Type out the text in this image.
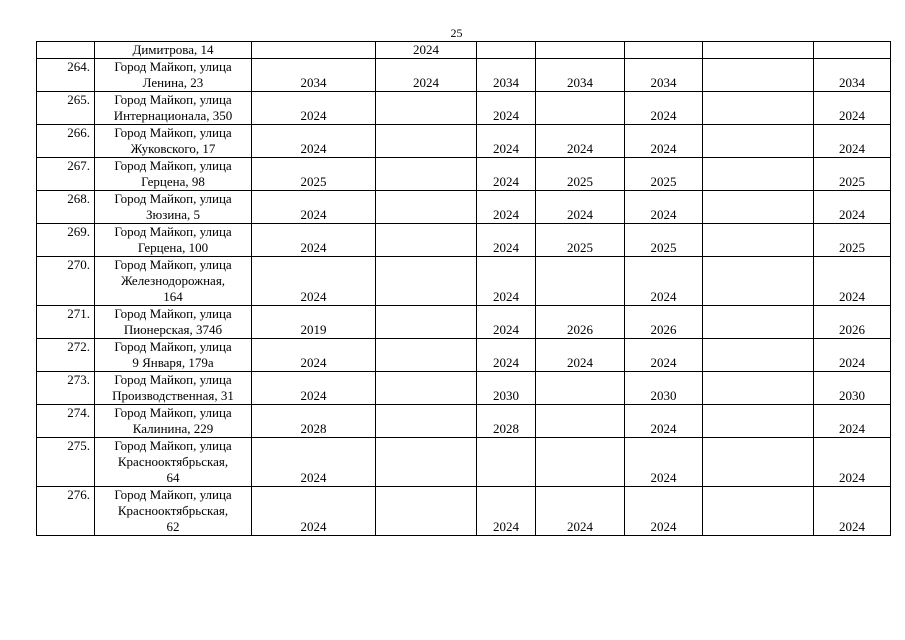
25

	Димитрова, 14		2024					
264.	Город Майкоп, улица
Ленина, 23	2034	2024	2034	2034	2034		2034
265.	Город Майкоп, улица
Интернационала, 350	2024		2024		2024		2024
266.	Город Майкоп, улица
Жуковского, 17	2024		2024	2024	2024		2024
267.	Город Майкоп, улица
Герцена, 98	2025		2024	2025	2025		2025
268.	Город Майкоп, улица
Зюзина, 5	2024		2024	2024	2024		2024
269.	Город Майкоп, улица
Герцена, 100	2024		2024	2025	2025		2025
270.	Город Майкоп, улица
Железнодорожная,
164	2024		2024		2024		2024
271.	Город Майкоп, улица
Пионерская, 374б	2019		2024	2026	2026		2026
272.	Город Майкоп, улица
9 Января, 179а	2024		2024	2024	2024		2024
273.	Город Майкоп, улица
Производственная, 31	2024		2030		2030		2030
274.	Город Майкоп, улица
Калинина, 229	2028		2028		2024		2024
275.	Город Майкоп, улица
Краснооктябрьская,
64	2024				2024		2024
276.	Город Майкоп, улица
Краснооктябрьская,
62	2024		2024	2024	2024		2024
